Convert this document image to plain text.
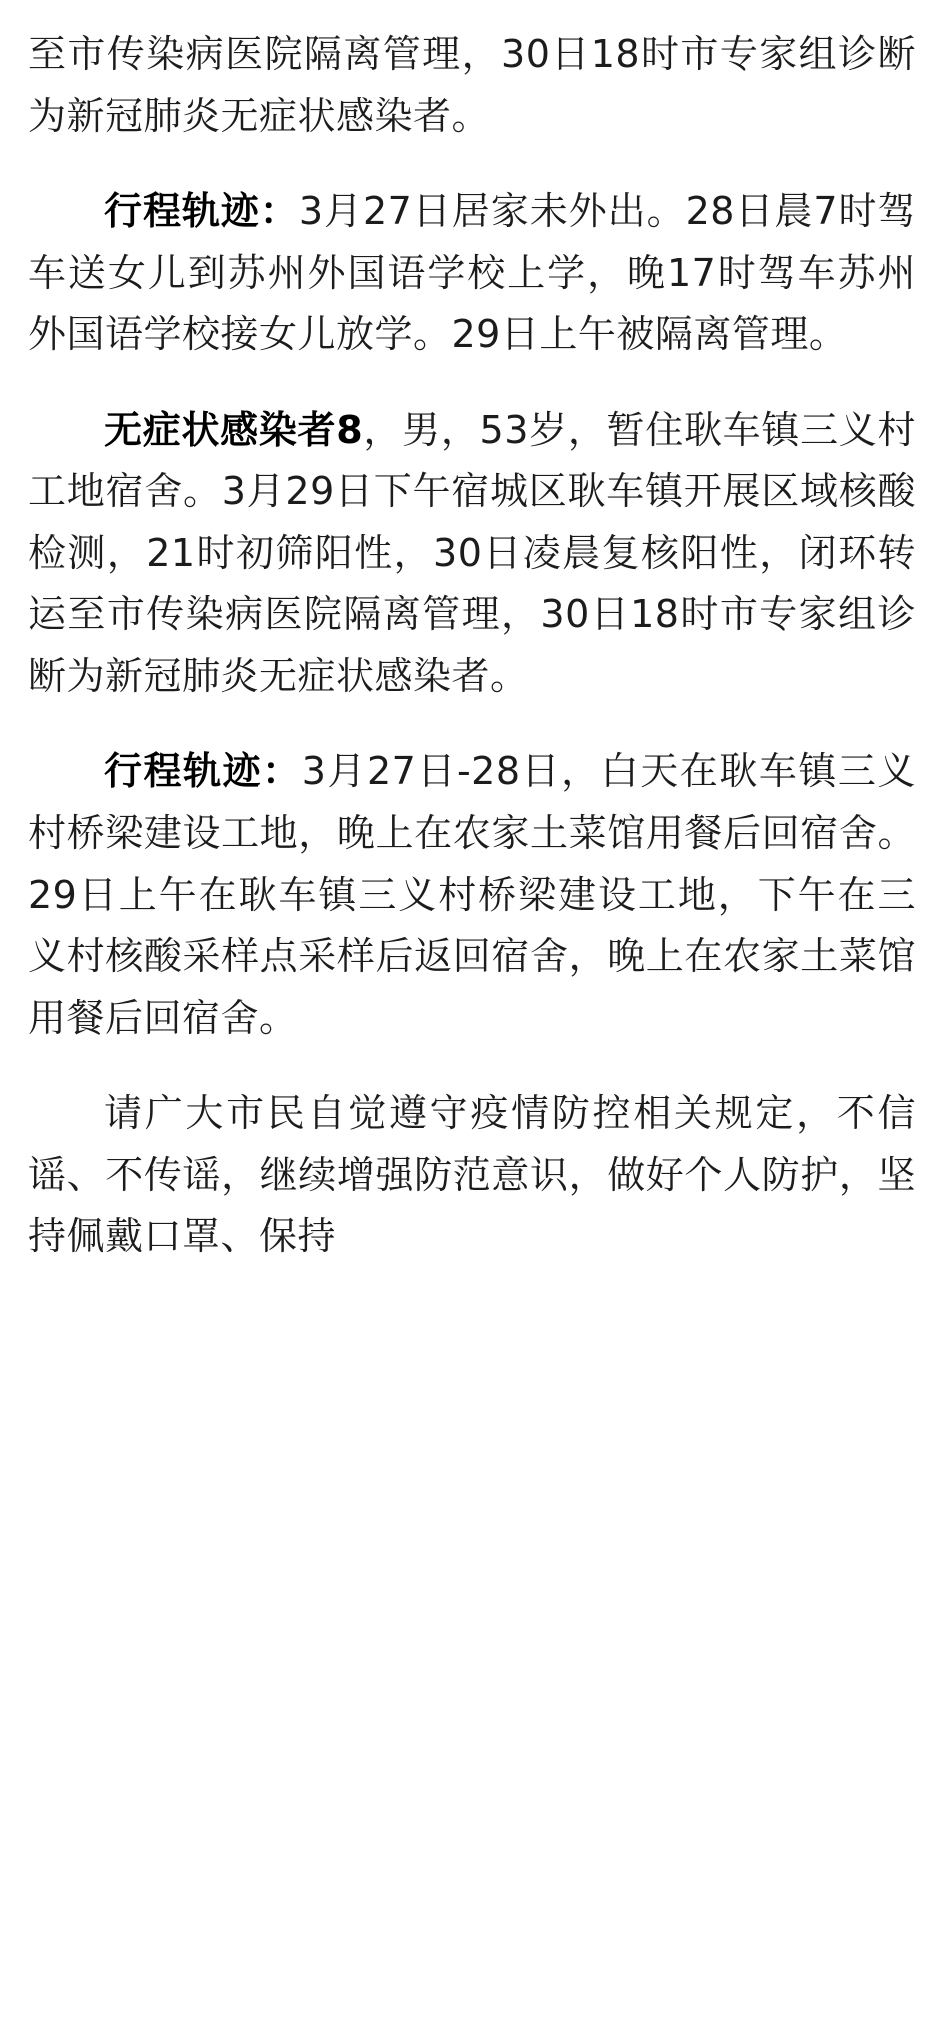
至市传染病医院隔离管理，30日18时市专家组诊断为新冠肺炎无症状感染者。

行程轨迹：3月27日居家未外出。28日晨7时驾车送女儿到苏州外国语学校上学，晚17时驾车苏州外国语学校接女儿放学。29日上午被隔离管理。

无症状感染者8，男，53岁，暂住耿车镇三义村工地宿舍。3月29日下午宿城区耿车镇开展区域核酸检测，21时初筛阳性，30日凌晨复核阳性，闭环转运至市传染病医院隔离管理，30日18时市专家组诊断为新冠肺炎无症状感染者。

行程轨迹：3月27日-28日，白天在耿车镇三义村桥梁建设工地，晚上在农家土菜馆用餐后回宿舍。29日上午在耿车镇三义村桥梁建设工地，下午在三义村核酸采样点采样后返回宿舍，晚上在农家土菜馆用餐后回宿舍。

请广大市民自觉遵守疫情防控相关规定，不信谣、不传谣，继续增强防范意识，做好个人防护，坚持佩戴口罩、保持
